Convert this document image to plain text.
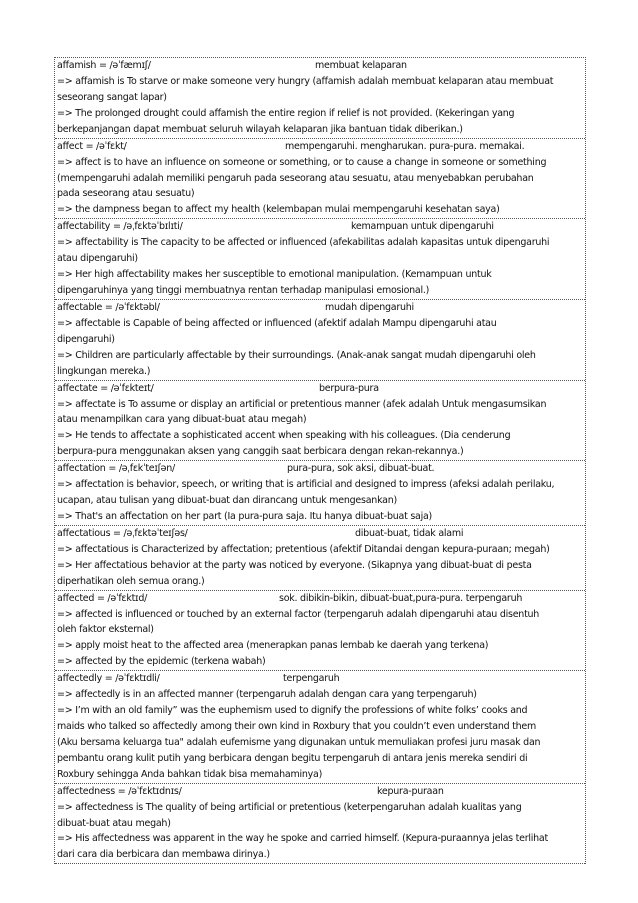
affamish = /əˈfæmɪʃ/	membuat kelaparan
=> affamish is To starve or make someone very hungry (affamish adalah membuat kelaparan atau membuat
seseorang sangat lapar)
=> The prolonged drought could affamish the entire region if relief is not provided. (Kekeringan yang
berkepanjangan dapat membuat seluruh wilayah kelaparan jika bantuan tidak diberikan.)
affect = /əˈfɛkt/	mempengaruhi. mengharukan. pura-pura. memakai.
=> affect is to have an influence on someone or something, or to cause a change in someone or something
(mempengaruhi adalah memiliki pengaruh pada seseorang atau sesuatu, atau menyebabkan perubahan
pada seseorang atau sesuatu)
=> the dampness began to affect my health (kelembapan mulai mempengaruhi kesehatan saya)
affectability = /əˌfɛktəˈbɪlɪti/	kemampuan untuk dipengaruhi
=> affectability is The capacity to be affected or influenced (afekabilitas adalah kapasitas untuk dipengaruhi
atau dipengaruhi)
=> Her high affectability makes her susceptible to emotional manipulation. (Kemampuan untuk
dipengaruhinya yang tinggi membuatnya rentan terhadap manipulasi emosional.)
affectable = /əˈfɛktəbl/	mudah dipengaruhi
=> affectable is Capable of being affected or influenced (afektif adalah Mampu dipengaruhi atau
dipengaruhi)
=> Children are particularly affectable by their surroundings. (Anak-anak sangat mudah dipengaruhi oleh
lingkungan mereka.)
affectate = /əˈfɛkteɪt/	berpura-pura
=> affectate is To assume or display an artificial or pretentious manner (afek adalah Untuk mengasumsikan
atau menampilkan cara yang dibuat-buat atau megah)
=> He tends to affectate a sophisticated accent when speaking with his colleagues. (Dia cenderung
berpura-pura menggunakan aksen yang canggih saat berbicara dengan rekan-rekannya.)
affectation = /əˌfɛkˈteɪʃən/	pura-pura, sok aksi, dibuat-buat.
=> affectation is behavior, speech, or writing that is artificial and designed to impress (afeksi adalah perilaku,
ucapan, atau tulisan yang dibuat-buat dan dirancang untuk mengesankan)
=> That's an affectation on her part (Ia pura-pura saja. Itu hanya dibuat-buat saja)
affectatious = /əˌfɛktəˈteɪʃəs/	dibuat-buat, tidak alami
=> affectatious is Characterized by affectation; pretentious (afektif Ditandai dengan kepura-puraan; megah)
=> Her affectatious behavior at the party was noticed by everyone. (Sikapnya yang dibuat-buat di pesta
diperhatikan oleh semua orang.)
affected = /əˈfɛktɪd/	sok. dibikin-bikin, dibuat-buat,pura-pura. terpengaruh
=> affected is influenced or touched by an external factor (terpengaruh adalah dipengaruhi atau disentuh
oleh faktor eksternal)
=> apply moist heat to the affected area (menerapkan panas lembab ke daerah yang terkena)
=> affected by the epidemic (terkena wabah)
affectedly = /əˈfɛktɪdli/	terpengaruh
=> affectedly is in an affected manner (terpengaruh adalah dengan cara yang terpengaruh)
=> I’m with an old family” was the euphemism used to dignify the professions of white folks’ cooks and
maids who talked so affectedly among their own kind in Roxbury that you couldn’t even understand them
(Aku bersama keluarga tua" adalah eufemisme yang digunakan untuk memuliakan profesi juru masak dan
pembantu orang kulit putih yang berbicara dengan begitu terpengaruh di antara jenis mereka sendiri di
Roxbury sehingga Anda bahkan tidak bisa memahaminya)
affectedness = /əˈfɛktɪdnɪs/	kepura-puraan
=> affectedness is The quality of being artificial or pretentious (keterpengaruhan adalah kualitas yang
dibuat-buat atau megah)
=> His affectedness was apparent in the way he spoke and carried himself. (Kepura-puraannya jelas terlihat
dari cara dia berbicara dan membawa dirinya.)
